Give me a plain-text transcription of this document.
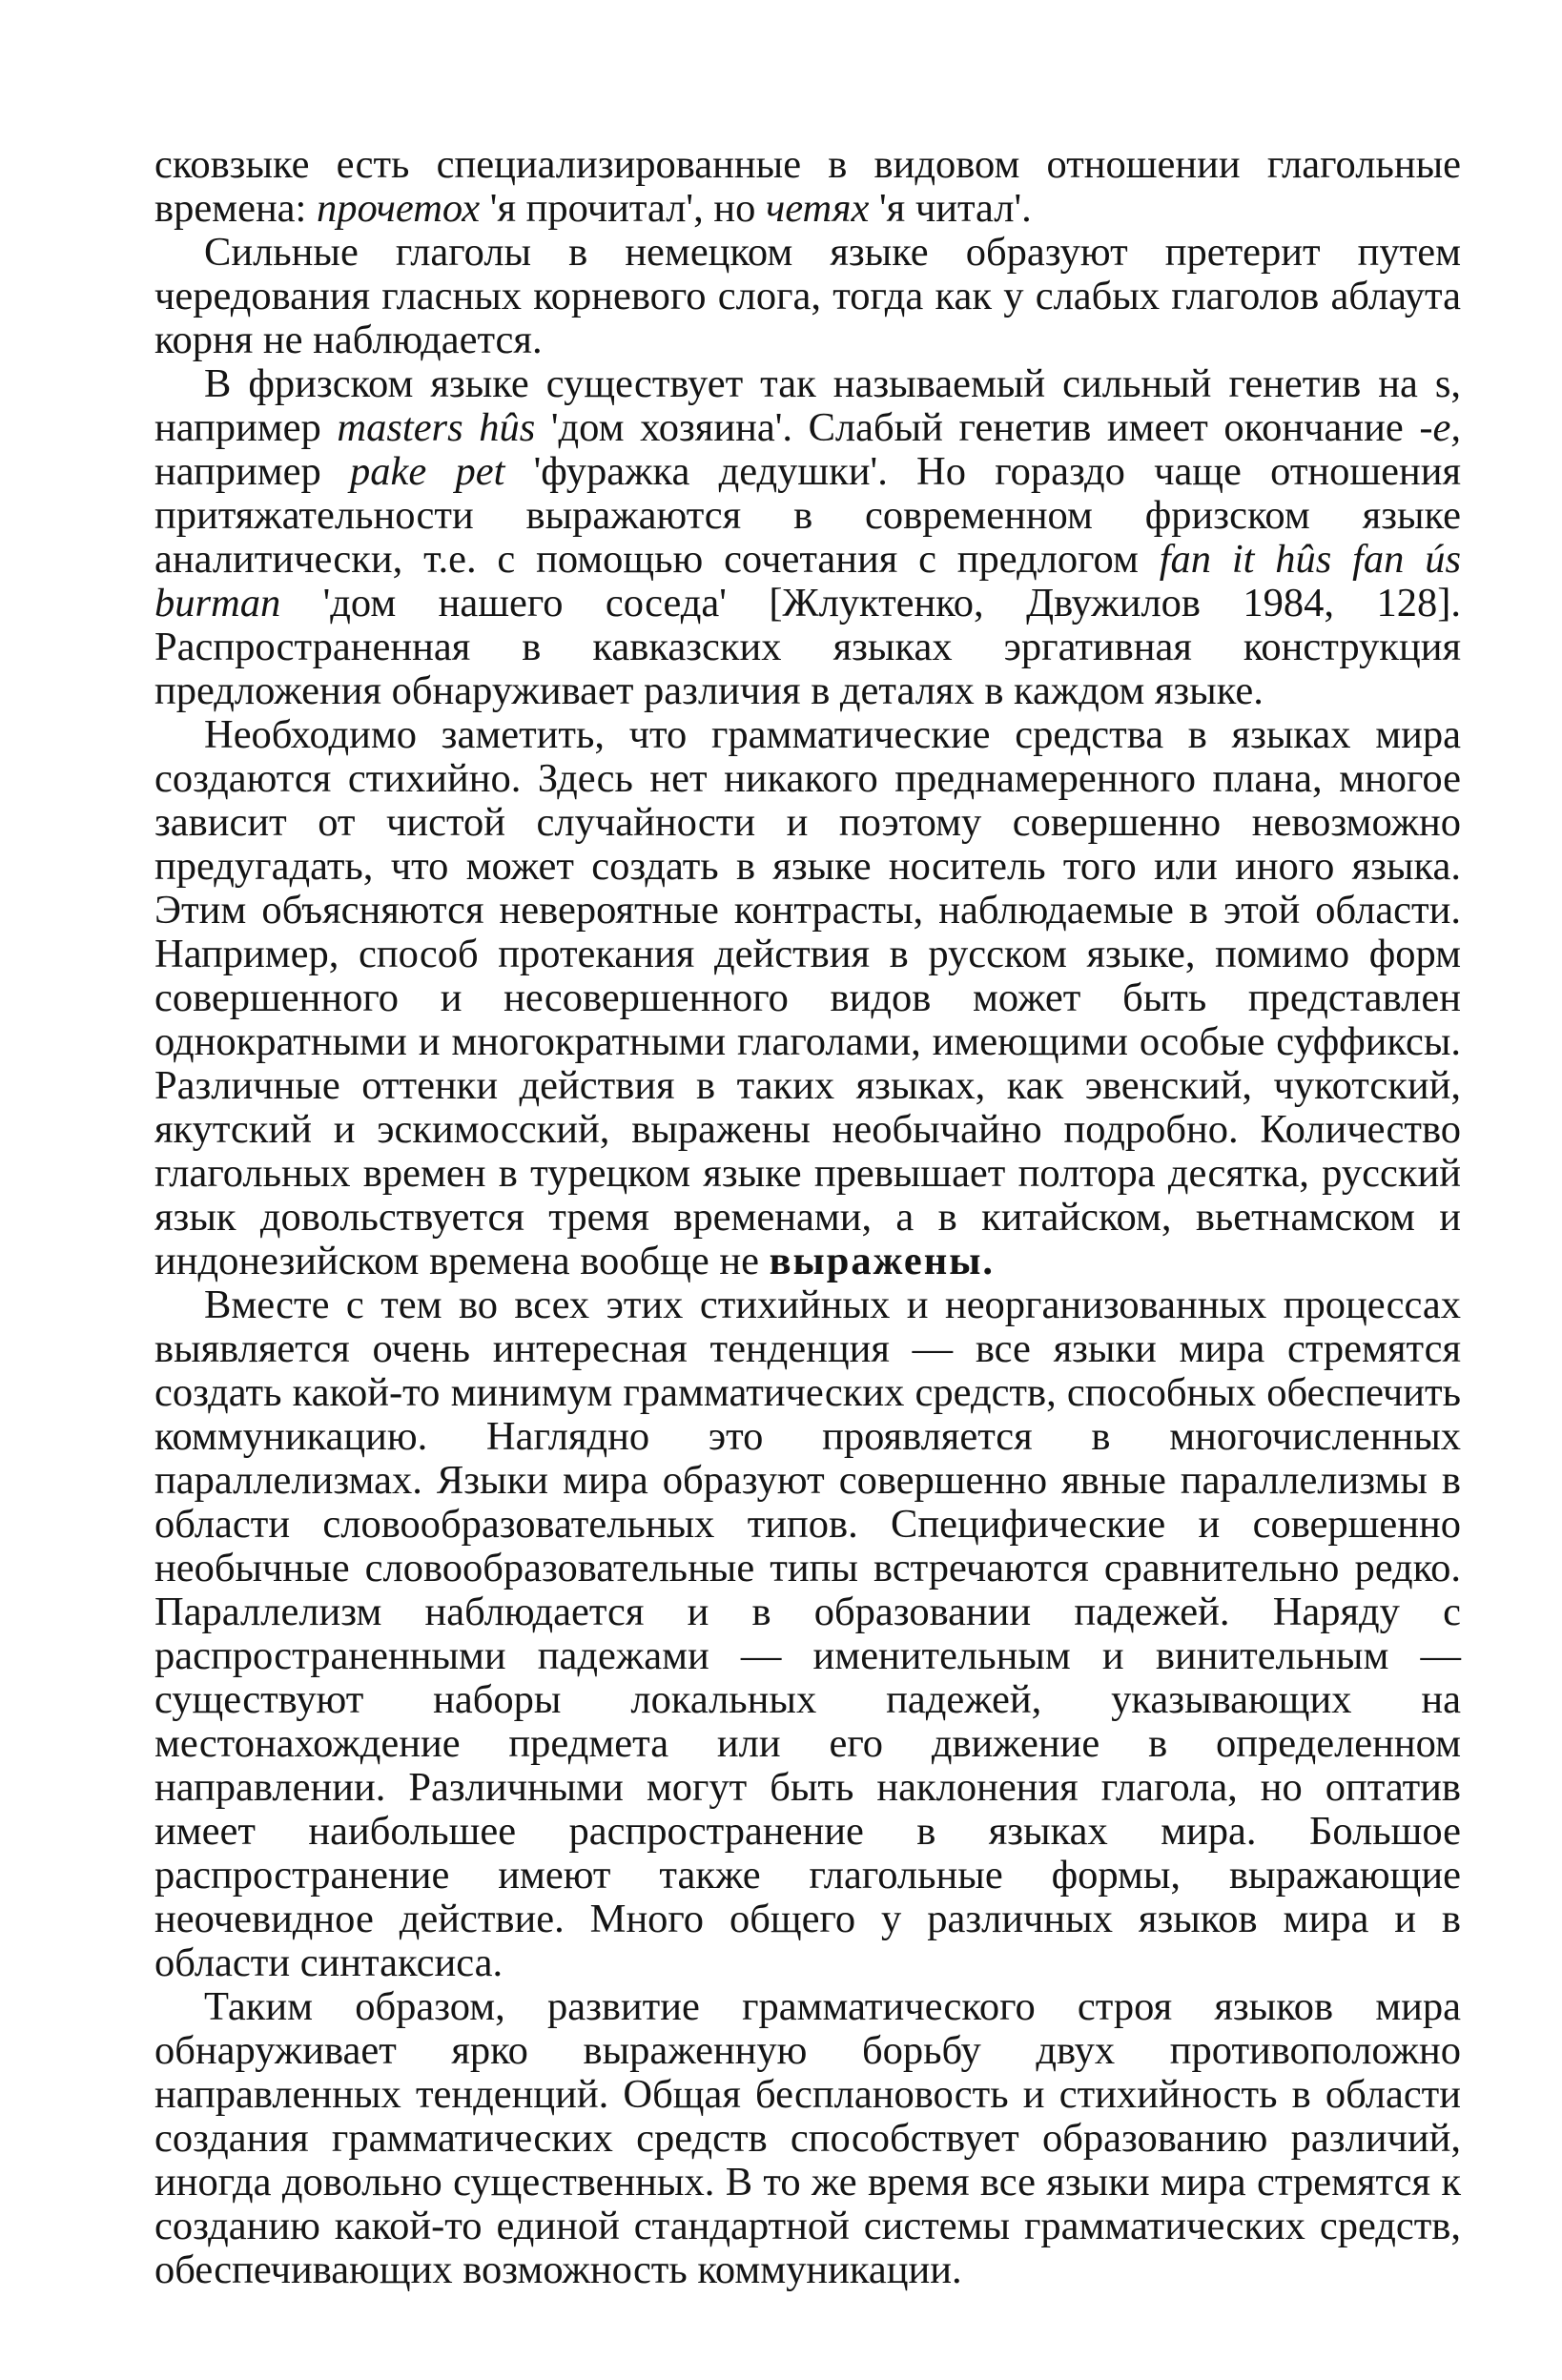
сковзыке есть специализированные в видовом отношении глагольные времена: прочетох 'я прочитал', но четях 'я читал'.

Сильные глаголы в немецком языке образуют претерит путем чередования гласных корневого слога, тогда как у слабых глаголов аблаута корня не наблюдается.

В фризском языке существует так называемый сильный генетив на s, например masters hûs 'дом хозяина'. Слабый генетив имеет окончание -e, например pake pet 'фуражка дедушки'. Но гораздо чаще отношения притяжательности выражаются в современном фризском языке аналитически, т.е. с помощью сочетания с предлогом fan it hûs fan ús burman 'дом нашего соседа' [Жлуктенко, Двужилов 1984, 128]. Распространенная в кавказских языках эргативная конструкция предложения обнаруживает различия в деталях в каждом языке.

Необходимо заметить, что грамматические средства в языках мира создаются стихийно. Здесь нет никакого преднамеренного плана, многое зависит от чистой случайности и поэтому совершенно невозможно предугадать, что может создать в языке носитель того или иного языка. Этим объясняются невероятные контрасты, наблюдаемые в этой области. Например, способ протекания действия в русском языке, помимо форм совершенного и несовершенного видов может быть представлен однократными и многократными глаголами, имеющими особые суффиксы. Различные оттенки действия в таких языках, как эвенский, чукотский, якутский и эскимосский, выражены необычайно подробно. Количество глагольных времен в турецком языке превышает полтора десятка, русский язык довольствуется тремя временами, а в китайском, вьетнамском и индонезийском времена вообще не выражены.

Вместе с тем во всех этих стихийных и неорганизованных процессах выявляется очень интересная тенденция — все языки мира стремятся создать какой-то минимум грамматических средств, способных обеспечить коммуникацию. Наглядно это проявляется в многочисленных параллелизмах. Языки мира образуют совершенно явные параллелизмы в области словообразовательных типов. Специфические и совершенно необычные словообразовательные типы встречаются сравнительно редко. Параллелизм наблюдается и в образовании падежей. Наряду с распространенными падежами — именительным и винительным — существуют наборы локальных падежей, указывающих на местонахождение предмета или его движение в определенном направлении. Различными могут быть наклонения глагола, но оптатив имеет наибольшее распространение в языках мира. Большое распространение имеют также глагольные формы, выражающие неочевидное действие. Много общего у различных языков мира и в области синтаксиса.

Таким образом, развитие грамматического строя языков мира обнаруживает ярко выраженную борьбу двух противоположно направленных тенденций. Общая бесплановость и стихийность в области создания грамматических средств способствует образованию различий, иногда довольно существенных. В то же время все языки мира стремятся к созданию какой-то единой стандартной системы грамматических средств, обеспечивающих возможность коммуникации.
